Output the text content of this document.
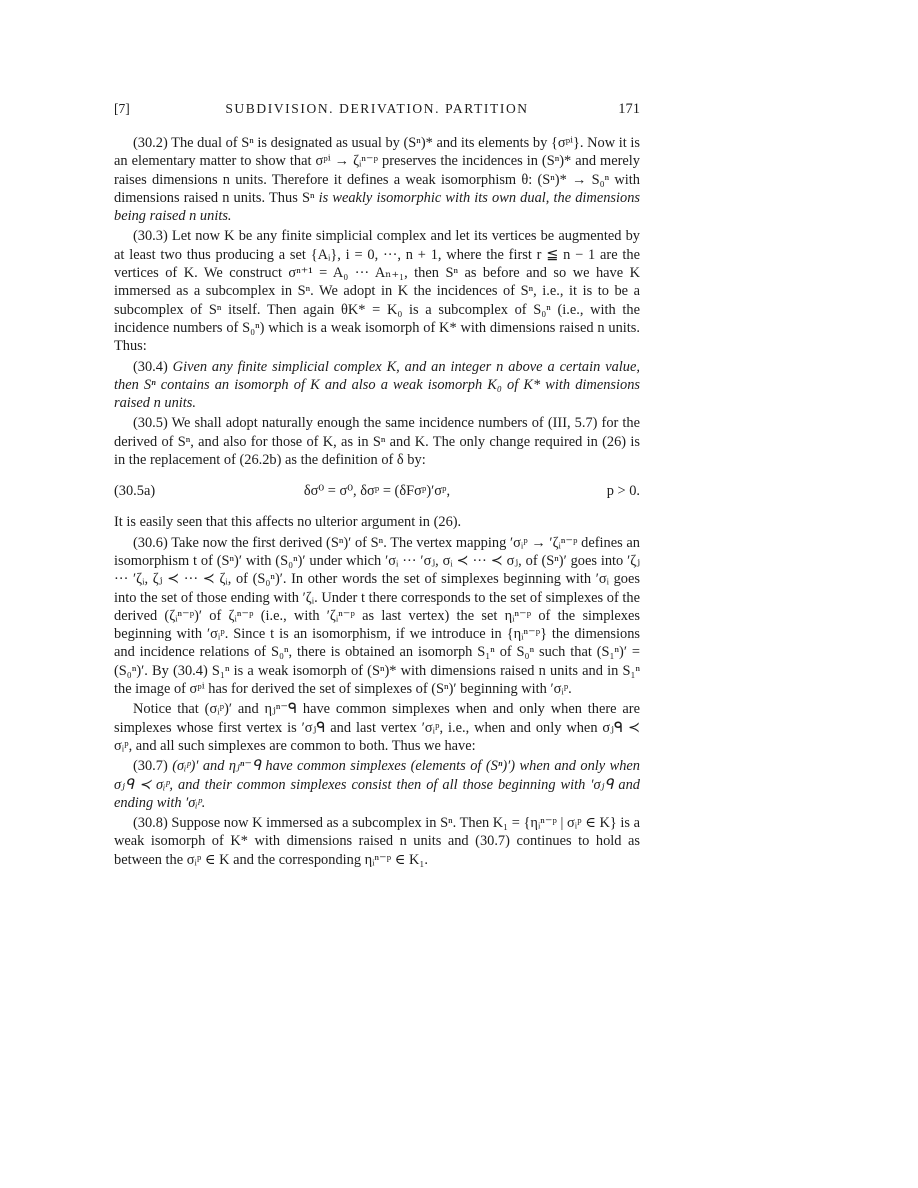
[7]	SUBDIVISION. DERIVATION. PARTITION	171

(30.2) The dual of Sⁿ is designated as usual by (Sⁿ)* and its elements by {σᵖⁱ}. Now it is an elementary matter to show that σᵖⁱ → ζᵢⁿ⁻ᵖ preserves the incidences in (Sⁿ)* and merely raises dimensions n units. Therefore it defines a weak isomorphism θ: (Sⁿ)* → S₀ⁿ with dimensions raised n units. Thus Sⁿ is weakly isomorphic with its own dual, the dimensions being raised n units.

(30.3) Let now K be any finite simplicial complex and let its vertices be augmented by at least two thus producing a set {Aᵢ}, i = 0, ···, n + 1, where the first r ≦ n − 1 are the vertices of K. We construct σⁿ⁺¹ = A₀ ··· Aₙ₊₁, then Sⁿ as before and so we have K immersed as a subcomplex in Sⁿ. We adopt in K the incidences of Sⁿ, i.e., it is to be a subcomplex of Sⁿ itself. Then again θK* = K₀ is a subcomplex of S₀ⁿ (i.e., with the incidence numbers of S₀ⁿ) which is a weak isomorph of K* with dimensions raised n units. Thus:

(30.4) Given any finite simplicial complex K, and an integer n above a certain value, then Sⁿ contains an isomorph of K and also a weak isomorph K₀ of K* with dimensions raised n units.

(30.5) We shall adopt naturally enough the same incidence numbers of (III, 5.7) for the derived of Sⁿ, and also for those of K, as in Sⁿ and K. The only change required in (26) is in the replacement of (26.2b) as the definition of δ by:

(30.5a)	δσ⁰ = σ⁰, δσᵖ = (δFσᵖ)′σᵖ,	p > 0.

It is easily seen that this affects no ulterior argument in (26).

(30.6) Take now the first derived (Sⁿ)′ of Sⁿ. The vertex mapping ′σᵢᵖ → ′ζᵢⁿ⁻ᵖ defines an isomorphism t of (Sⁿ)′ with (S₀ⁿ)′ under which ′σᵢ ··· ′σⱼ, σᵢ ≺ ··· ≺ σⱼ, of (Sⁿ)′ goes into ′ζⱼ ··· ′ζᵢ, ζⱼ ≺ ··· ≺ ζᵢ, of (S₀ⁿ)′. In other words the set of simplexes beginning with ′σᵢ goes into the set of those ending with ′ζᵢ. Under t there corresponds to the set of simplexes of the derived (ζᵢⁿ⁻ᵖ)′ of ζᵢⁿ⁻ᵖ (i.e., with ′ζᵢⁿ⁻ᵖ as last vertex) the set ηᵢⁿ⁻ᵖ of the simplexes beginning with ′σᵢᵖ. Since t is an isomorphism, if we introduce in {ηᵢⁿ⁻ᵖ} the dimensions and incidence relations of S₀ⁿ, there is obtained an isomorph S₁ⁿ of S₀ⁿ such that (S₁ⁿ)′ = (S₀ⁿ)′. By (30.4) S₁ⁿ is a weak isomorph of (Sⁿ)* with dimensions raised n units and in S₁ⁿ the image of σᵖⁱ has for derived the set of simplexes of (Sⁿ)′ beginning with ′σᵢᵖ.

Notice that (σᵢᵖ)′ and ηⱼⁿ⁻ᑫ have common simplexes when and only when there are simplexes whose first vertex is ′σⱼᑫ and last vertex ′σᵢᵖ, i.e., when and only when σⱼᑫ ≺ σᵢᵖ, and all such simplexes are common to both. Thus we have:

(30.7) (σᵢᵖ)′ and ηⱼⁿ⁻ᑫ have common simplexes (elements of (Sⁿ)′) when and only when σⱼᑫ ≺ σᵢᵖ, and their common simplexes consist then of all those beginning with ′σⱼᑫ and ending with ′σᵢᵖ.

(30.8) Suppose now K immersed as a subcomplex in Sⁿ. Then K₁ = {ηᵢⁿ⁻ᵖ | σᵢᵖ ∈ K} is a weak isomorph of K* with dimensions raised n units and (30.7) continues to hold as between the σᵢᵖ ∈ K and the corresponding ηᵢⁿ⁻ᵖ ∈ K₁.
